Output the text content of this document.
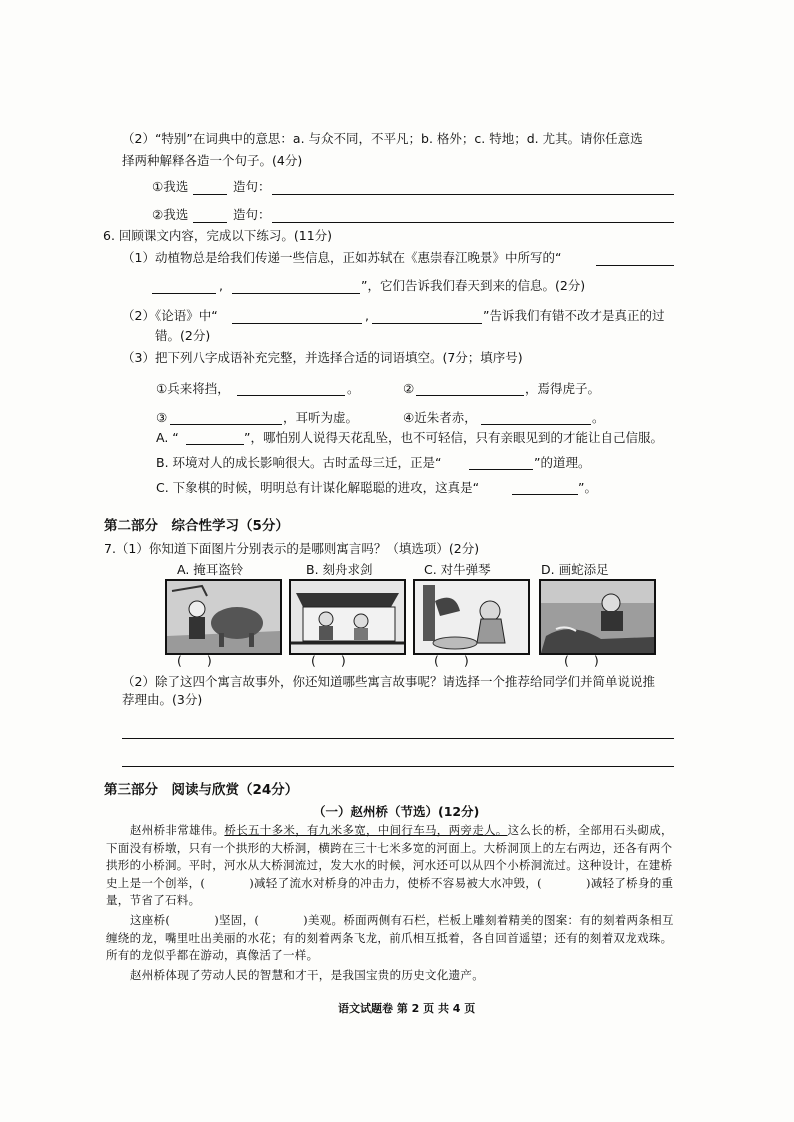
（2）“特别”在词典中的意思：a. 与众不同，不平凡；b. 格外；c. 特地；d. 尤其。请你任意选
择两种解释各造一个句子。(4分)
①我选	造句：
②我选	造句：
6. 回顾课文内容，完成以下练习。(11分)
（1）动植物总是给我们传递一些信息，正如苏轼在《惠崇春江晚景》中所写的“
,	”，它们告诉我们春天到来的信息。(2分)
（2）《论语》中“	,	”告诉我们有错不改才是真正的过
错。(2分)
（3）把下列八字成语补充完整，并选择合适的词语填空。(7分；填序号)
①兵来将挡，	。	②	，焉得虎子。
③	，耳听为虚。	④近朱者赤，	。
A. “	”，哪怕别人说得天花乱坠，也不可轻信，只有亲眼见到的才能让自己信服。
B. 环境对人的成长影响很大。古时孟母三迁，正是“	”的道理。
C. 下象棋的时候，明明总有计谋化解聪聪的进攻，这真是“	”。
第二部分　综合性学习（5分）
7.（1）你知道下面图片分别表示的是哪则寓言吗？（填选项）(2分)
A. 掩耳盗铃	B. 刻舟求剑	C. 对牛弹琴	D. 画蛇添足
(　　)	(　　)	(　　)	(　　)
（2）除了这四个寓言故事外，你还知道哪些寓言故事呢？请选择一个推荐给同学们并简单说说推
荐理由。(3分)
第三部分　阅读与欣赏（24分）
（一）赵州桥（节选）(12分)
赵州桥非常雄伟。桥长五十多米，有九米多宽，中间行车马，两旁走人。这么长的桥，全部用石头砌成，下面没有桥墩，只有一个拱形的大桥洞，横跨在三十七米多宽的河面上。大桥洞顶上的左右两边，还各有两个拱形的小桥洞。平时，河水从大桥洞流过，发大水的时候，河水还可以从四个小桥洞流过。这种设计，在建桥史上是一个创举，(	)减轻了流水对桥身的冲击力，使桥不容易被大水冲毁，(	)减轻了桥身的重量，节省了石料。
这座桥(	)坚固，(	)美观。桥面两侧有石栏，栏板上雕刻着精美的图案：有的刻着两条相互缠绕的龙，嘴里吐出美丽的水花；有的刻着两条飞龙，前爪相互抵着，各自回首遥望；还有的刻着双龙戏珠。所有的龙似乎都在游动，真像活了一样。
赵州桥体现了劳动人民的智慧和才干，是我国宝贵的历史文化遗产。
语文试题卷 第 2 页 共 4 页
